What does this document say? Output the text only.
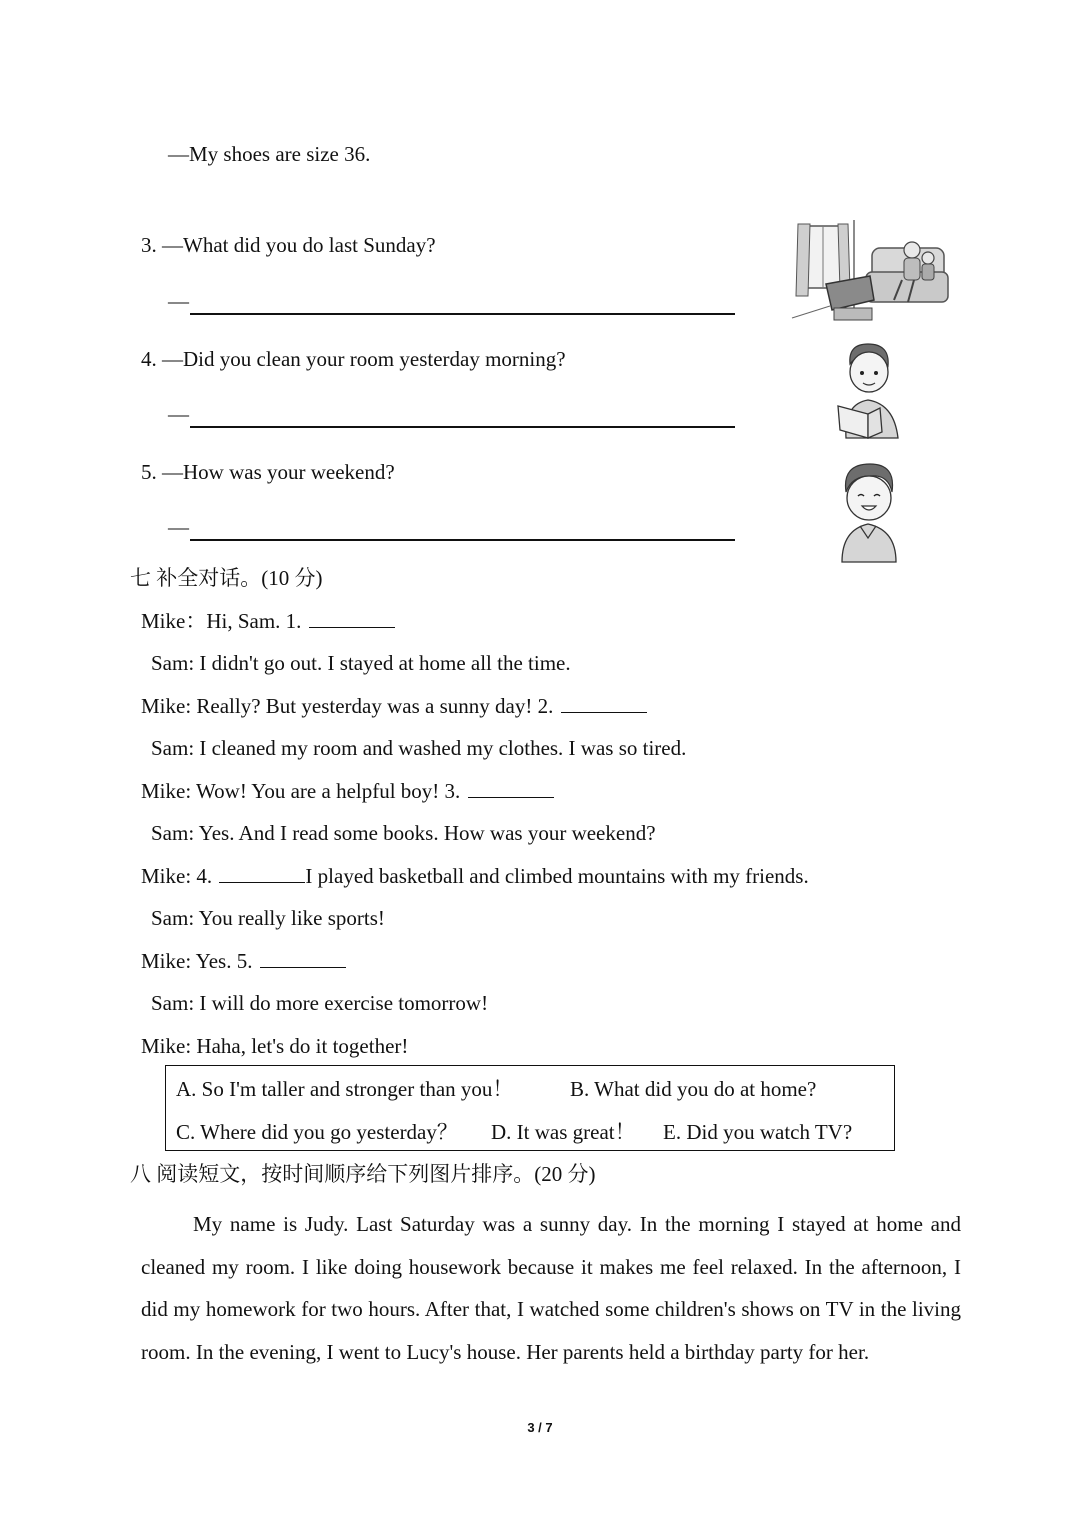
—My shoes are size 36.
3. —What did you do last Sunday?
—
4. —Did you clean your room yesterday morning?
—
5. —How was your weekend?
—
七 补全对话。(10 分)
Mike：Hi, Sam. 1.
Sam: I didn't go out. I stayed at home all the time.
Mike: Really? But yesterday was a sunny day! 2.
Sam: I cleaned my room and washed my clothes. I was so tired.
Mike: Wow! You are a helpful boy! 3.
Sam: Yes. And I read some books. How was your weekend?
Mike: 4.	I played basketball and climbed mountains with my friends.
Sam: You really like sports!
Mike: Yes. 5.
Sam: I will do more exercise tomorrow!
Mike: Haha, let's do it together!
A. So I'm taller and stronger than you！	B. What did you do at home?
C. Where did you go yesterday？ D. It was great！ E. Did you watch TV?
八 阅读短文，按时间顺序给下列图片排序。(20 分)
My name is Judy. Last Saturday was a sunny day. In the morning I stayed at home and cleaned my room. I like doing housework because it makes me feel relaxed. In the afternoon, I did my homework for two hours. After that, I watched some children's shows on TV in the living room. In the evening, I went to Lucy's house. Her parents held a birthday party for her.
3 / 7
